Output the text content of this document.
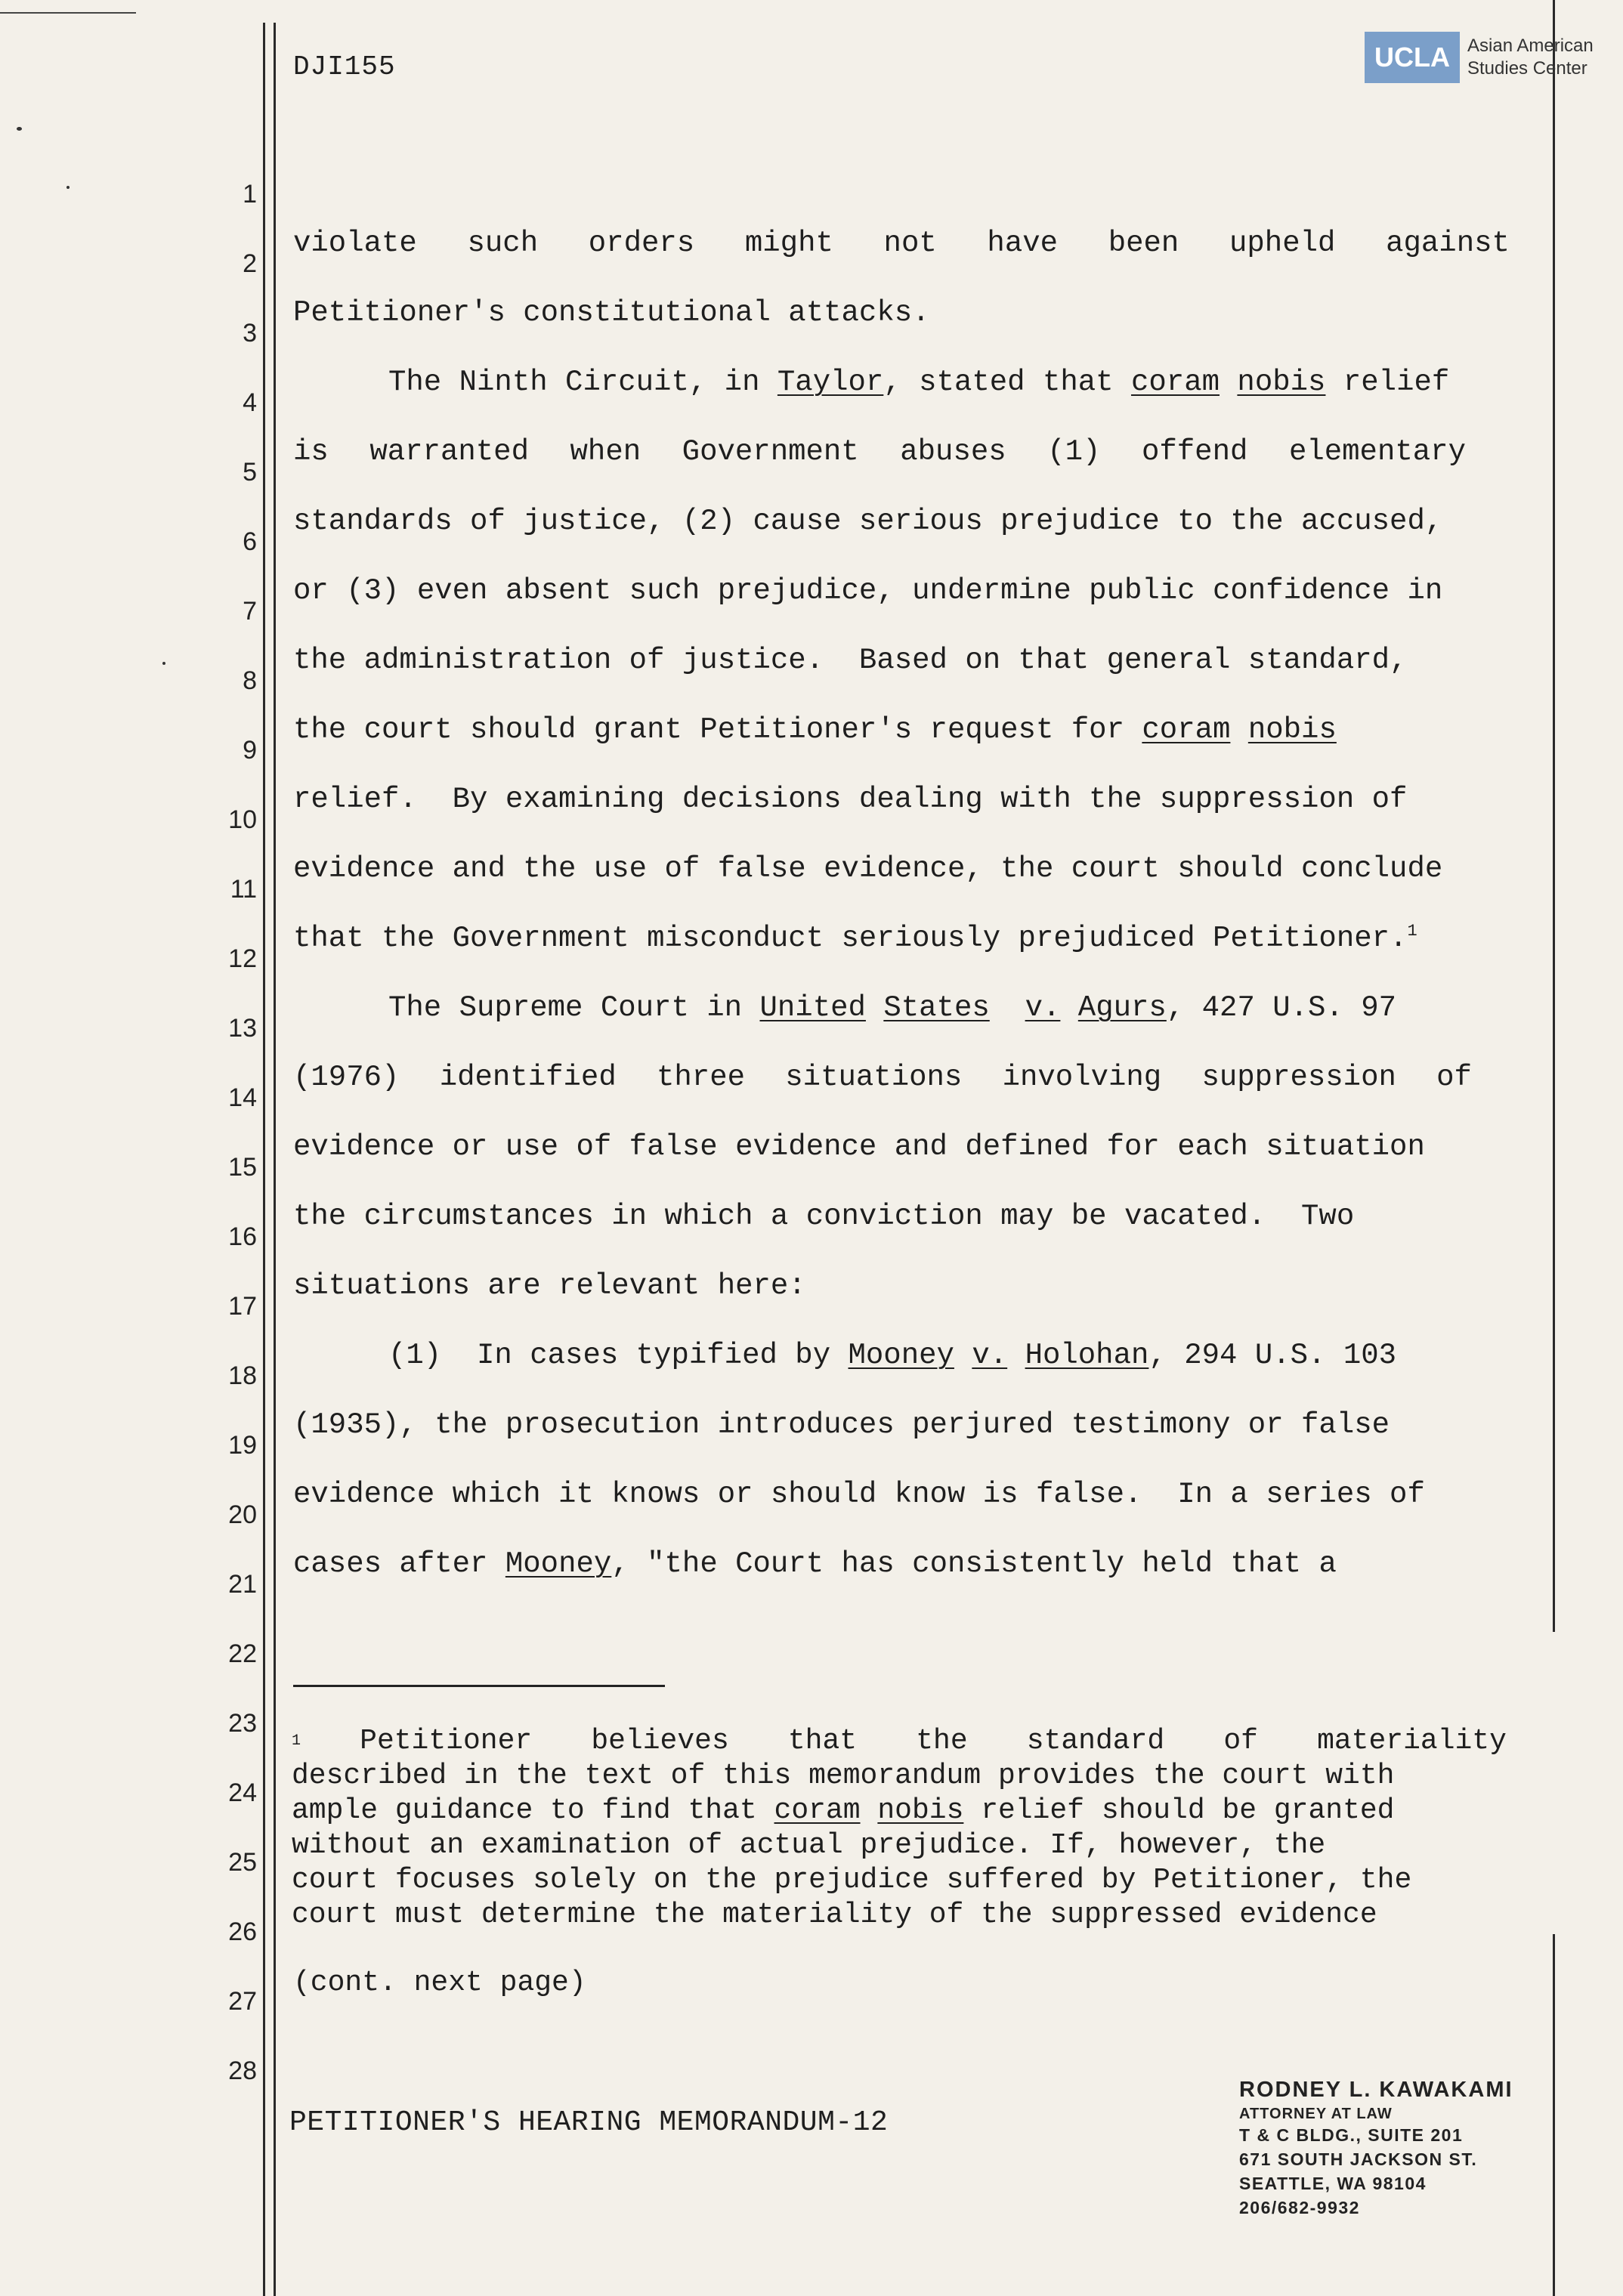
UCLA Asian American
Studies Center
DJI155
1
2
3
4
5
6
7
8
9
10
11
12
13
14
15
16
17
18
19
20
21
22
23
24
25
26
27
28
violate such orders might not have been upheld against
Petitioner's constitutional attacks.
The Ninth Circuit, in Taylor , stated that coram
nobis relief
is warranted when Government abuses (1) offend elementary
standards of justice, (2) cause serious prejudice to the accused,
or (3) even absent such prejudice, undermine public confidence in
the administration of justice.  Based on that general standard,
the court should grant Petitioner's request for coram
nobis
relief.  By examining decisions dealing with the suppression of
evidence and the use of false evidence, the court should conclude
that the Government misconduct seriously prejudiced Petitioner. 1
The Supreme Court in United
States
v.
Agurs , 427 U.S. 97
(1976) identified three situations involving suppression of
evidence or use of false evidence and defined for each situation
the circumstances in which a conviction may be vacated.  Two
situations are relevant here:
(1)  In cases typified by Mooney
v.
Holohan , 294 U.S. 103
(1935), the prosecution introduces perjured testimony or false
evidence which it knows or should know is false.  In a series of
cases after Mooney , "the Court has consistently held that a
$^1$ Petitioner believes that the standard of materiality
described in the text of this memorandum provides the court with
ample guidance to find that coram nobis relief should be granted
without an examination of actual prejudice. If, however, the
court focuses solely on the prejudice suffered by Petitioner, the
court must determine the materiality of the suppressed evidence
(cont. next page)
PETITIONER'S HEARING MEMORANDUM-12
RODNEY L. KAWAKAMI
ATTORNEY AT LAW
T & C BLDG., SUITE 201
671 SOUTH JACKSON ST.
SEATTLE, WA 98104
206/682-9932
